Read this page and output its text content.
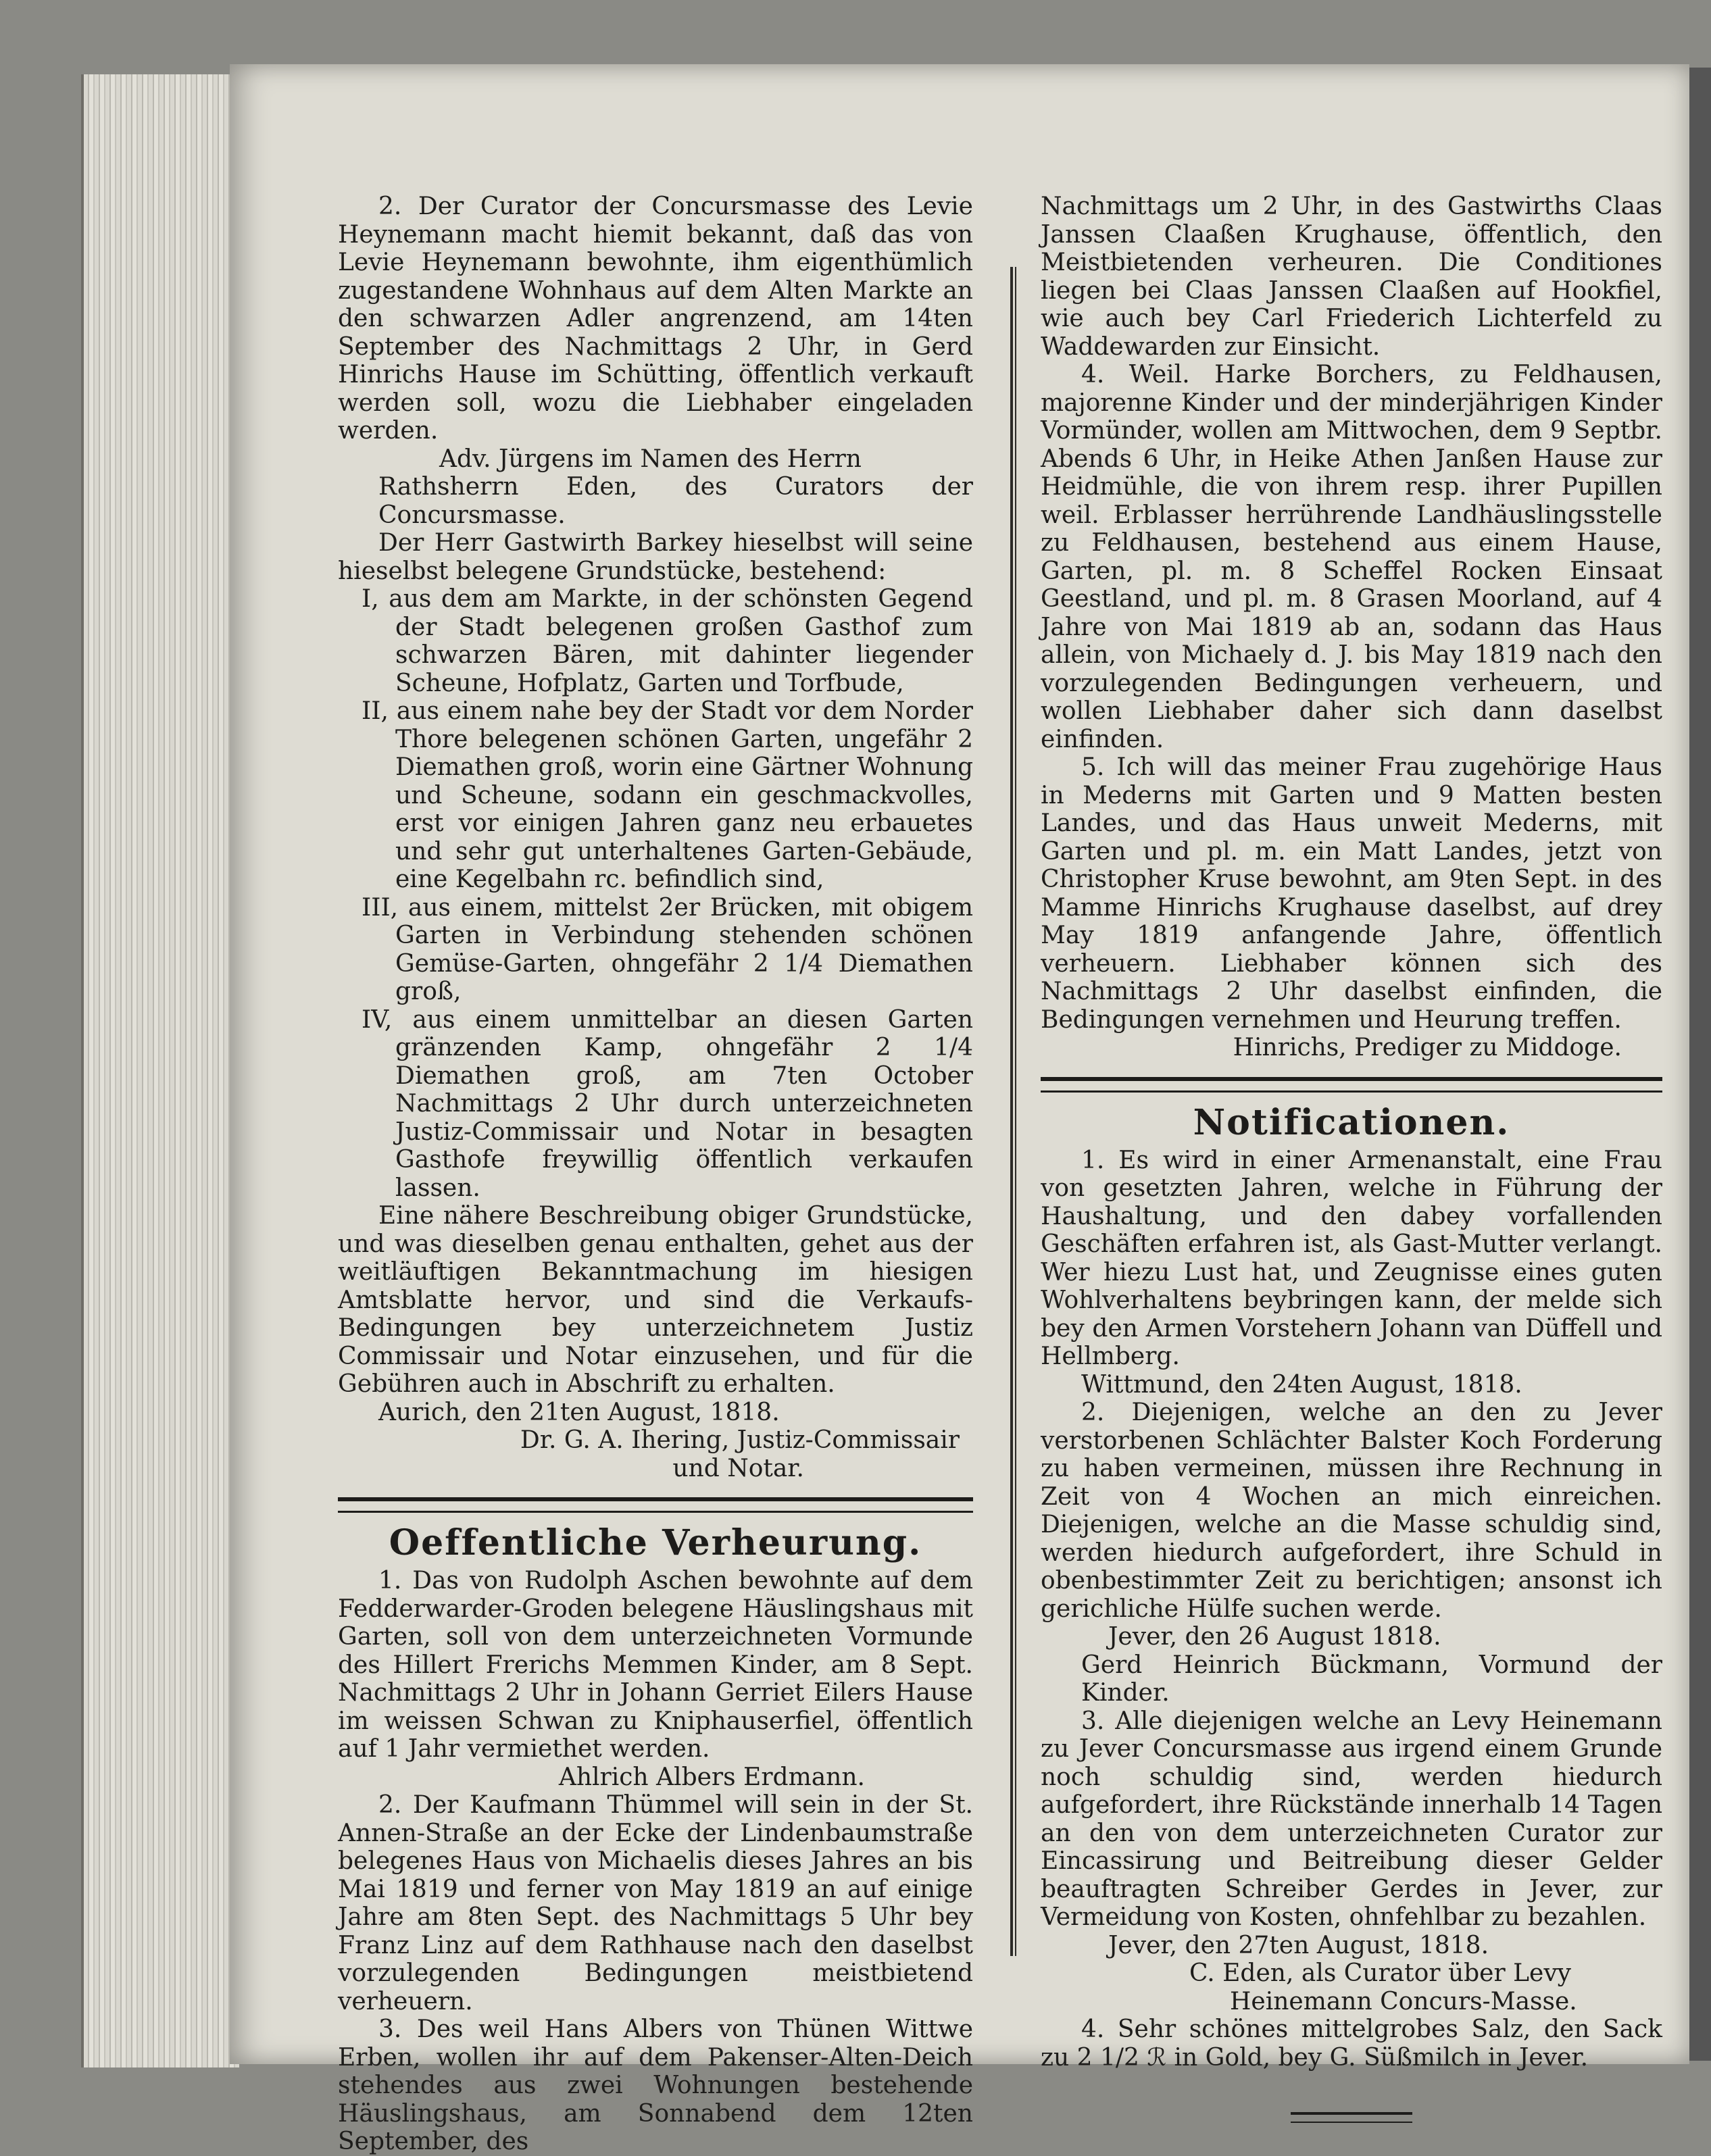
2. Der Curator der Concursmasse des Levie Heynemann macht hiemit bekannt, daß das von Levie Heynemann bewohnte, ihm eigenthümlich zugestandene Wohnhaus auf dem Alten Markte an den schwarzen Adler angrenzend, am 14ten September des Nachmittags 2 Uhr, in Gerd Hinrichs Hause im Schütting, öffentlich verkauft werden soll, wozu die Liebhaber eingeladen werden.

Adv. Jürgens im Namen des Herrn

Rathsherrn Eden, des Curators der Concursmasse.

Der Herr Gastwirth Barkey hieselbst will seine hieselbst belegene Grundstücke, bestehend:

I, aus dem am Markte, in der schönsten Gegend der Stadt belegenen großen Gasthof zum schwarzen Bären, mit dahinter liegender Scheune, Hofplatz, Garten und Torfbude,

II, aus einem nahe bey der Stadt vor dem Norder Thore belegenen schönen Garten, ungefähr 2 Diemathen groß, worin eine Gärtner Wohnung und Scheune, sodann ein geschmackvolles, erst vor einigen Jahren ganz neu erbauetes und sehr gut unterhaltenes Garten-Gebäude, eine Kegelbahn rc. befindlich sind,

III, aus einem, mittelst 2er Brücken, mit obigem Garten in Verbindung stehenden schönen Gemüse-Garten, ohngefähr 2 1/4 Diemathen groß,

IV, aus einem unmittelbar an diesen Garten gränzenden Kamp, ohngefähr 2 1/4 Diemathen groß, am 7ten October Nachmittags 2 Uhr durch unterzeichneten Justiz-Commissair und Notar in besagten Gasthofe freywillig öffentlich verkaufen lassen.

Eine nähere Beschreibung obiger Grundstücke, und was dieselben genau enthalten, gehet aus der weitläuftigen Bekanntmachung im hiesigen Amtsblatte hervor, und sind die Verkaufs-Bedingungen bey unterzeichnetem Justiz Commissair und Notar einzusehen, und für die Gebühren auch in Abschrift zu erhalten.

Aurich, den 21ten August, 1818.

Dr. G. A. Ihering, Justiz-Commissair

und Notar.

Oeffentliche Verheurung.

1. Das von Rudolph Aschen bewohnte auf dem Fedderwarder-Groden belegene Häuslingshaus mit Garten, soll von dem unterzeichneten Vormunde des Hillert Frerichs Memmen Kinder, am 8 Sept. Nachmittags 2 Uhr in Johann Gerriet Eilers Hause im weissen Schwan zu Kniphauserfiel, öffentlich auf 1 Jahr vermiethet werden.

Ahlrich Albers Erdmann.

2. Der Kaufmann Thümmel will sein in der St. Annen-Straße an der Ecke der Lindenbaumstraße belegenes Haus von Michaelis dieses Jahres an bis Mai 1819 und ferner von May 1819 an auf einige Jahre am 8ten Sept. des Nachmittags 5 Uhr bey Franz Linz auf dem Rathhause nach den daselbst vorzulegenden Bedingungen meistbietend verheuern.

3. Des weil Hans Albers von Thünen Wittwe Erben, wollen ihr auf dem Pakenser-Alten-Deich stehendes aus zwei Wohnungen bestehende Häuslingshaus, am Sonnabend dem 12ten September, des

Nachmittags um 2 Uhr, in des Gastwirths Claas Janssen Claaßen Krughause, öffentlich, den Meistbietenden verheuren. Die Conditiones liegen bei Claas Janssen Claaßen auf Hookfiel, wie auch bey Carl Friederich Lichterfeld zu Waddewarden zur Einsicht.

4. Weil. Harke Borchers, zu Feldhausen, majorenne Kinder und der minderjährigen Kinder Vormünder, wollen am Mittwochen, dem 9 Septbr. Abends 6 Uhr, in Heike Athen Janßen Hause zur Heidmühle, die von ihrem resp. ihrer Pupillen weil. Erblasser herrührende Landhäuslingsstelle zu Feldhausen, bestehend aus einem Hause, Garten, pl. m. 8 Scheffel Rocken Einsaat Geestland, und pl. m. 8 Grasen Moorland, auf 4 Jahre von Mai 1819 ab an, sodann das Haus allein, von Michaely d. J. bis May 1819 nach den vorzulegenden Bedingungen verheuern, und wollen Liebhaber daher sich dann daselbst einfinden.

5. Ich will das meiner Frau zugehörige Haus in Mederns mit Garten und 9 Matten besten Landes, und das Haus unweit Mederns, mit Garten und pl. m. ein Matt Landes, jetzt von Christopher Kruse bewohnt, am 9ten Sept. in des Mamme Hinrichs Krughause daselbst, auf drey May 1819 anfangende Jahre, öffentlich verheuern. Liebhaber können sich des Nachmittags 2 Uhr daselbst einfinden, die Bedingungen vernehmen und Heurung treffen.

Hinrichs, Prediger zu Middoge.

Notificationen.

1. Es wird in einer Armenanstalt, eine Frau von gesetzten Jahren, welche in Führung der Haushaltung, und den dabey vorfallenden Geschäften erfahren ist, als Gast-Mutter verlangt. Wer hiezu Lust hat, und Zeugnisse eines guten Wohlverhaltens beybringen kann, der melde sich bey den Armen Vorstehern Johann van Düffell und Hellmberg.

Wittmund, den 24ten August, 1818.

2. Diejenigen, welche an den zu Jever verstorbenen Schlächter Balster Koch Forderung zu haben vermeinen, müssen ihre Rechnung in Zeit von 4 Wochen an mich einreichen. Diejenigen, welche an die Masse schuldig sind, werden hiedurch aufgefordert, ihre Schuld in obenbestimmter Zeit zu berichtigen; ansonst ich gerichliche Hülfe suchen werde.

Jever, den 26 August 1818.

Gerd Heinrich Bückmann, Vormund der Kinder.

3. Alle diejenigen welche an Levy Heinemann zu Jever Concursmasse aus irgend einem Grunde noch schuldig sind, werden hiedurch aufgefordert, ihre Rückstände innerhalb 14 Tagen an den von dem unterzeichneten Curator zur Eincassirung und Beitreibung dieser Gelder beauftragten Schreiber Gerdes in Jever, zur Vermeidung von Kosten, ohnfehlbar zu bezahlen.

Jever, den 27ten August, 1818.

C. Eden, als Curator über Levy

Heinemann Concurs-Masse.

4. Sehr schönes mittelgrobes Salz, den Sack zu 2 1/2 ℛ in Gold, bey G. Süßmilch in Jever.
